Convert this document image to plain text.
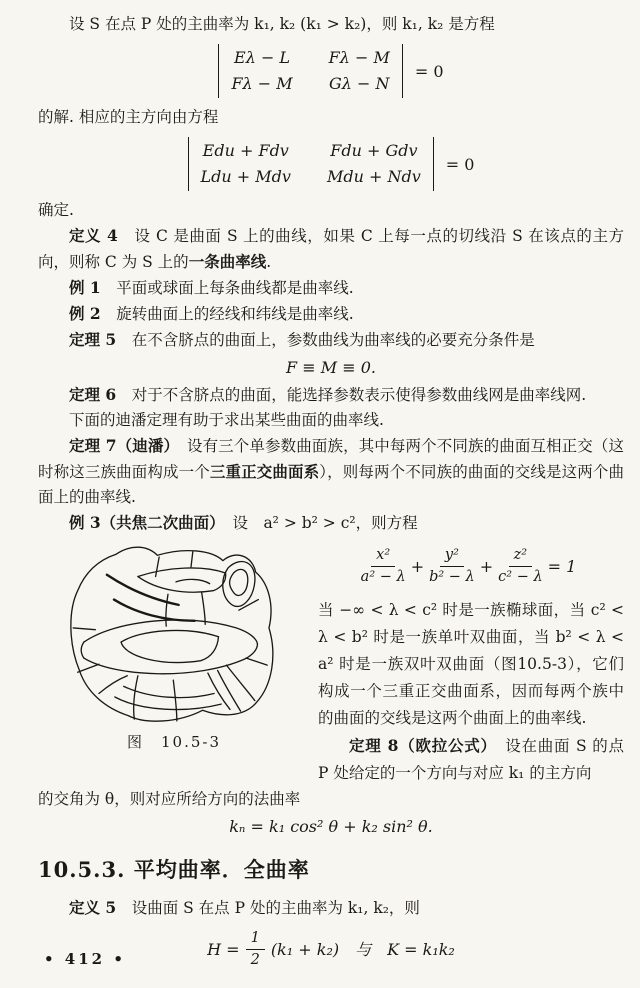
设 S 在点 P 处的主曲率为 k₁, k₂ (k₁ > k₂)，则 k₁, k₂ 是方程

Eλ − L Fλ − M
Fλ − M Gλ − N
= 0

的解. 相应的主方向由方程

Edu + Fdv	Fdu + Gdv
Ldu + Mdv Mdu + Ndv
= 0

确定.

定义 4　设 C 是曲面 S 上的曲线，如果 C 上每一点的切线沿 S 在该点的主方向，则称 C 为 S 上的一条曲率线.

例 1　平面或球面上每条曲线都是曲率线.

例 2　旋转曲面上的经线和纬线是曲率线.

定理 5　在不含脐点的曲面上，参数曲线为曲率线的必要充分条件是

F ≡ M ≡ 0.

定理 6　对于不含脐点的曲面，能选择参数表示使得参数曲线网是曲率线网.

下面的迪潘定理有助于求出某些曲面的曲率线.

定理 7（迪潘）　设有三个单参数曲面族，其中每两个不同族的曲面互相正交（这时称这三族曲面构成一个三重正交曲面系），则每两个不同族的曲面的交线是这两个曲面上的曲率线.

例 3（共焦二次曲面）　设　a² > b² > c²，则方程

图　10.5-3
$\frac{\text{x²}}{\text{a² − λ}} + \frac{\text{y²}}{\text{b² − λ}} + \frac{\text{z²}}{\text{c² − λ}} = 1$

当 −∞ < λ < c² 时是一族椭球面，当 c² < λ < b² 时是一族单叶双曲面，当 b² < λ < a² 时是一族双叶双曲面（图10.5-3），它们构成一个三重正交曲面系，因而每两个族中的曲面的交线是这两个曲面上的曲率线.

定理 8（欧拉公式）　设在曲面 S 的点 P 处给定的一个方向与对应 k₁ 的主方向

的交角为 θ，则对应所给方向的法曲率

kₙ = k₁ cos² θ + k₂ sin² θ.
10.5.3. 平均曲率．全曲率

定义 5　设曲面 S 在点 P 处的主曲率为 k₁, k₂，则

$H = \frac{1}{2} (k_1 + k_2)$　与　K = k₁k₂
• 412 •
